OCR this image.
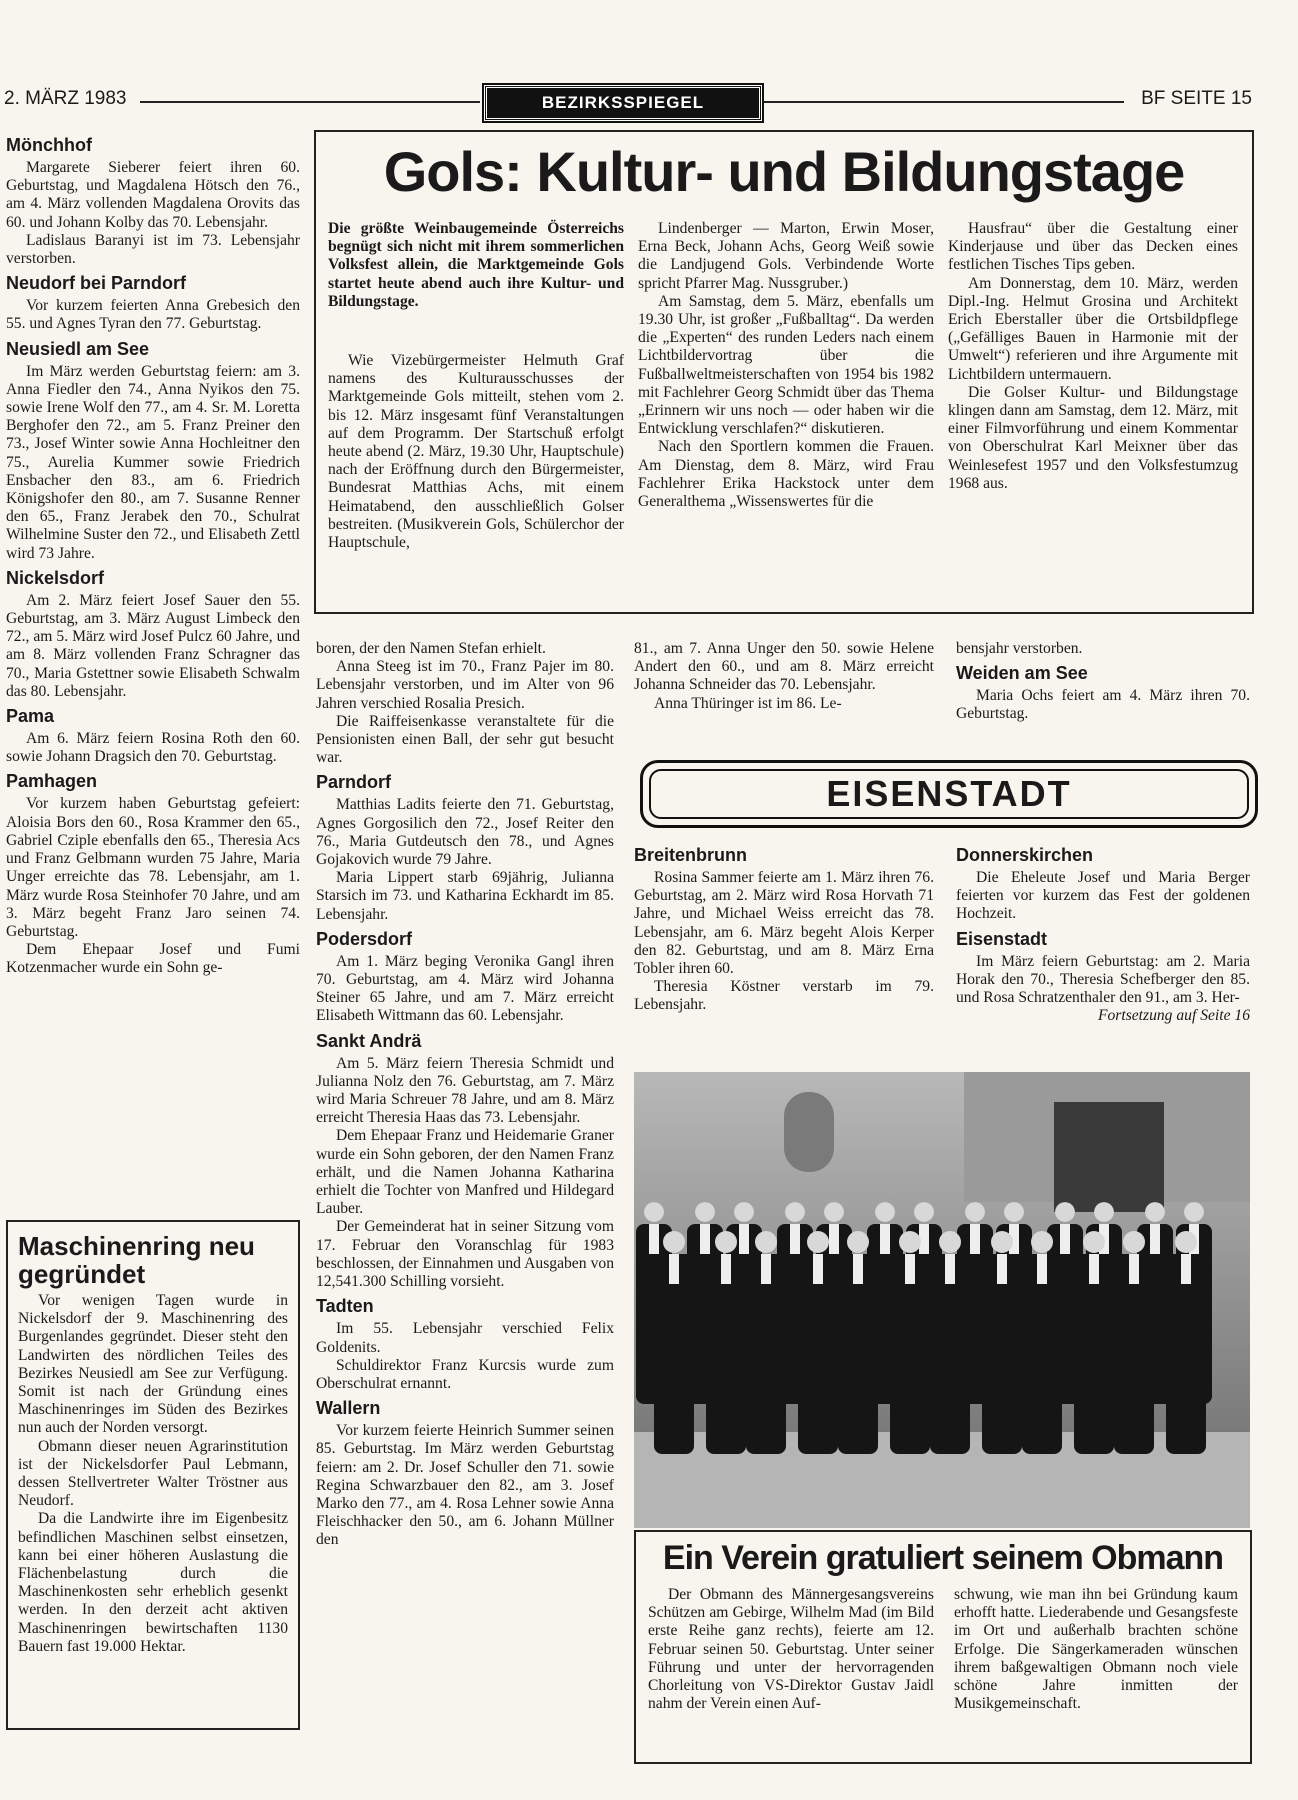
2. MÄRZ 1983	BEZIRKSSPIEGEL	BF SEITE 15
Mönchhof

Margarete Sieberer feiert ihren 60. Geburtstag, und Magdalena Hötsch den 76., am 4. März vollenden Magdalena Orovits das 60. und Johann Kolby das 70. Lebensjahr.

Ladislaus Baranyi ist im 73. Lebensjahr verstorben.

Neudorf bei Parndorf

Vor kurzem feierten Anna Grebesich den 55. und Agnes Tyran den 77. Geburtstag.

Neusiedl am See

Im März werden Geburtstag feiern: am 3. Anna Fiedler den 74., Anna Nyikos den 75. sowie Irene Wolf den 77., am 4. Sr. M. Loretta Berghofer den 72., am 5. Franz Preiner den 73., Josef Winter sowie Anna Hochleitner den 75., Aurelia Kummer sowie Friedrich Ensbacher den 83., am 6. Friedrich Königshofer den 80., am 7. Susanne Renner den 65., Franz Jerabek den 70., Schulrat Wilhelmine Suster den 72., und Elisabeth Zettl wird 73 Jahre.

Nickelsdorf

Am 2. März feiert Josef Sauer den 55. Geburtstag, am 3. März August Limbeck den 72., am 5. März wird Josef Pulcz 60 Jahre, und am 8. März vollenden Franz Schragner das 70., Maria Gstettner sowie Elisabeth Schwalm das 80. Lebensjahr.

Pama

Am 6. März feiern Rosina Roth den 60. sowie Johann Dragsich den 70. Geburtstag.

Pamhagen

Vor kurzem haben Geburtstag gefeiert: Aloisia Bors den 60., Rosa Krammer den 65., Gabriel Cziple ebenfalls den 65., Theresia Acs und Franz Gelbmann wurden 75 Jahre, Maria Unger erreichte das 78. Lebensjahr, am 1. März wurde Rosa Steinhofer 70 Jahre, und am 3. März begeht Franz Jaro seinen 74. Geburtstag.

Dem Ehepaar Josef und Fumi Kotzenmacher wurde ein Sohn ge-

Gols: Kultur- und Bildungstage

Die größte Weinbaugemeinde Österreichs begnügt sich nicht mit ihrem sommerlichen Volksfest allein, die Marktgemeinde Gols startet heute abend auch ihre Kultur- und Bildungstage.

Wie Vizebürgermeister Helmuth Graf namens des Kulturausschusses der Marktgemeinde Gols mitteilt, stehen vom 2. bis 12. März insgesamt fünf Veranstaltungen auf dem Programm. Der Startschuß erfolgt heute abend (2. März, 19.30 Uhr, Hauptschule) nach der Eröffnung durch den Bürgermeister, Bundesrat Matthias Achs, mit einem Heimatabend, den ausschließlich Golser bestreiten. (Musikverein Gols, Schülerchor der Hauptschule,

Lindenberger — Marton, Erwin Moser, Erna Beck, Johann Achs, Georg Weiß sowie die Landjugend Gols. Verbindende Worte spricht Pfarrer Mag. Nussgruber.)

Am Samstag, dem 5. März, ebenfalls um 19.30 Uhr, ist großer „Fußballtag“. Da werden die „Experten“ des runden Leders nach einem Lichtbildervortrag über die Fußballweltmeisterschaften von 1954 bis 1982 mit Fachlehrer Georg Schmidt über das Thema „Erinnern wir uns noch — oder haben wir die Entwicklung verschlafen?“ diskutieren.

Nach den Sportlern kommen die Frauen. Am Dienstag, dem 8. März, wird Frau Fachlehrer Erika Hackstock unter dem Generalthema „Wissenswertes für die

Hausfrau“ über die Gestaltung einer Kinderjause und über das Decken eines festlichen Tisches Tips geben.

Am Donnerstag, dem 10. März, werden Dipl.-Ing. Helmut Grosina und Architekt Erich Eberstaller über die Ortsbildpflege („Gefälliges Bauen in Harmonie mit der Umwelt“) referieren und ihre Argumente mit Lichtbildern untermauern.

Die Golser Kultur- und Bildungstage klingen dann am Samstag, dem 12. März, mit einer Filmvorführung und einem Kommentar von Oberschulrat Karl Meixner über das Weinlesefest 1957 und den Volksfestumzug 1968 aus.

boren, der den Namen Stefan erhielt.

Anna Steeg ist im 70., Franz Pajer im 80. Lebensjahr verstorben, und im Alter von 96 Jahren verschied Rosalia Presich.

Die Raiffeisenkasse veranstaltete für die Pensionisten einen Ball, der sehr gut besucht war.

Parndorf

Matthias Ladits feierte den 71. Geburtstag, Agnes Gorgosilich den 72., Josef Reiter den 76., Maria Gutdeutsch den 78., und Agnes Gojakovich wurde 79 Jahre.

Maria Lippert starb 69jährig, Julianna Starsich im 73. und Katharina Eckhardt im 85. Lebensjahr.

Podersdorf

Am 1. März beging Veronika Gangl ihren 70. Geburtstag, am 4. März wird Johanna Steiner 65 Jahre, und am 7. März erreicht Elisabeth Wittmann das 60. Lebensjahr.

Sankt Andrä

Am 5. März feiern Theresia Schmidt und Julianna Nolz den 76. Geburtstag, am 7. März wird Maria Schreuer 78 Jahre, und am 8. März erreicht Theresia Haas das 73. Lebensjahr.

Dem Ehepaar Franz und Heidemarie Graner wurde ein Sohn geboren, der den Namen Franz erhält, und die Namen Johanna Katharina erhielt die Tochter von Manfred und Hildegard Lauber.

Der Gemeinderat hat in seiner Sitzung vom 17. Februar den Voranschlag für 1983 beschlossen, der Einnahmen und Ausgaben von 12,541.300 Schilling vorsieht.

Tadten

Im 55. Lebensjahr verschied Felix Goldenits.

Schuldirektor Franz Kurcsis wurde zum Oberschulrat ernannt.

Wallern

Vor kurzem feierte Heinrich Summer seinen 85. Geburtstag. Im März werden Geburtstag feiern: am 2. Dr. Josef Schuller den 71. sowie Regina Schwarzbauer den 82., am 3. Josef Marko den 77., am 4. Rosa Lehner sowie Anna Fleischhacker den 50., am 6. Johann Müllner den

81., am 7. Anna Unger den 50. sowie Helene Andert den 60., und am 8. März erreicht Johanna Schneider das 70. Lebensjahr.

Anna Thüringer ist im 86. Le-

bensjahr verstorben.

Weiden am See

Maria Ochs feiert am 4. März ihren 70. Geburtstag.

EISENSTADT
Breitenbrunn

Rosina Sammer feierte am 1. März ihren 76. Geburtstag, am 2. März wird Rosa Horvath 71 Jahre, und Michael Weiss erreicht das 78. Lebensjahr, am 6. März begeht Alois Kerper den 82. Geburtstag, und am 8. März Erna Tobler ihren 60.

Theresia Köstner verstarb im 79. Lebensjahr.

Donnerskirchen

Die Eheleute Josef und Maria Berger feierten vor kurzem das Fest der goldenen Hochzeit.

Eisenstadt

Im März feiern Geburtstag: am 2. Maria Horak den 70., Theresia Schefberger den 85. und Rosa Schratzenthaler den 91., am 3. Her-

Fortsetzung auf Seite 16
Maschinenring neu gegründet

Vor wenigen Tagen wurde in Nickelsdorf der 9. Maschinenring des Burgenlandes gegründet. Dieser steht den Landwirten des nördlichen Teiles des Bezirkes Neusiedl am See zur Verfügung. Somit ist nach der Gründung eines Maschinenringes im Süden des Bezirkes nun auch der Norden versorgt.

Obmann dieser neuen Agrarinstitution ist der Nickelsdorfer Paul Lebmann, dessen Stellvertreter Walter Tröstner aus Neudorf.

Da die Landwirte ihre im Eigenbesitz befindlichen Maschinen selbst einsetzen, kann bei einer höheren Auslastung die Flächenbelastung durch die Maschinenkosten sehr erheblich gesenkt werden. In den derzeit acht aktiven Maschinenringen bewirtschaften 1130 Bauern fast 19.000 Hektar.

Ein Verein gratuliert seinem Obmann

Der Obmann des Männergesangsvereins Schützen am Gebirge, Wilhelm Mad (im Bild erste Reihe ganz rechts), feierte am 12. Februar seinen 50. Geburtstag. Unter seiner Führung und unter der hervorragenden Chorleitung von VS-Direktor Gustav Jaidl nahm der Verein einen Auf-

schwung, wie man ihn bei Gründung kaum erhofft hatte. Liederabende und Gesangsfeste im Ort und außerhalb brachten schöne Erfolge. Die Sängerkameraden wünschen ihrem baßgewaltigen Obmann noch viele schöne Jahre inmitten der Musikgemeinschaft.
